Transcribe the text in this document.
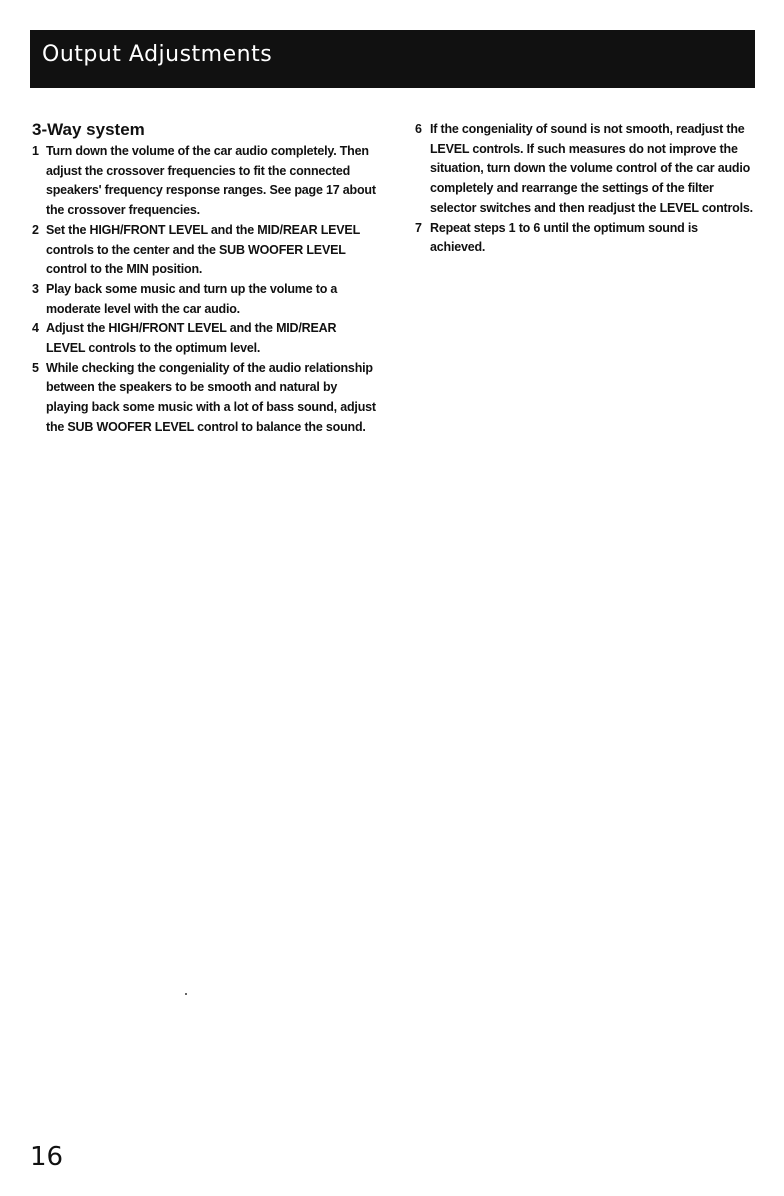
Output Adjustments
3-Way system
1 Turn down the volume of the car audio completely. Then adjust the crossover frequencies to fit the connected speakers' frequency response ranges. See page 17 about the crossover frequencies.
2 Set the HIGH/FRONT LEVEL and the MID/REAR LEVEL controls to the center and the SUB WOOFER LEVEL control to the MIN position.
3 Play back some music and turn up the volume to a moderate level with the car audio.
4 Adjust the HIGH/FRONT LEVEL and the MID/REAR LEVEL controls to the optimum level.
5 While checking the congeniality of the audio relationship between the speakers to be smooth and natural by playing back some music with a lot of bass sound, adjust the SUB WOOFER LEVEL control to balance the sound.
6 If the congeniality of sound is not smooth, readjust the LEVEL controls. If such measures do not improve the situation, turn down the volume control of the car audio completely and rearrange the settings of the filter selector switches and then readjust the LEVEL controls.
7 Repeat steps 1 to 6 until the optimum sound is achieved.
16
